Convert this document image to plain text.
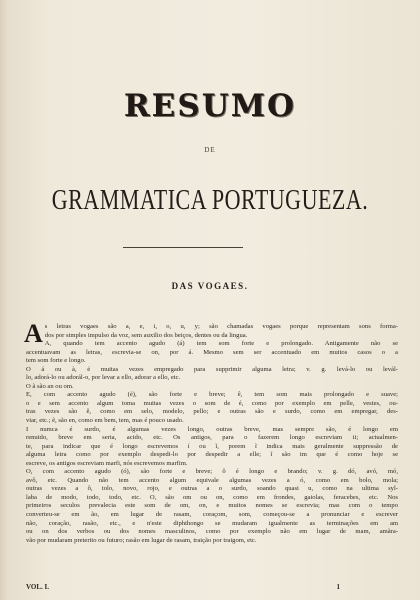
RESUMO
DE
GRAMMATICA PORTUGUEZA.
DAS VOGAES.
A s letras vogaes são a, e, i, o, u, y; são chamadas vogaes porque representam sons forma-
dos por simples impulso da voz, sem auxilio dos beiços, dentes ou da lingua.
A, quando tem accento agudo (á) tem som forte e prolongado. Antigamente não se
accentuavam as letras, escrevia-se on, por á. Mesmo sem ser accentuado em muitos casos o a
tem som forte e longo.
O á ou à, é muitas vezes empregado para supprimir alguma letra; v. g. levá-lo ou levál-
lo, adorá-lo ou adorál-o, por levar a ello, adorar a ello, etc.
O ã são an ou om.
E, com accento agudo (é), são forte e breve; ê, tem som mais prolongado e suave;
o e sem accento algum toma muitas vezes o som de é, como por exemplo em pelle, vestes, ou-
tras vezes são ê, como em selo, modelo, pello; e outras são e surdo, como em empregar, des-
viar, etc.; ẽ, são en, como em bem, tem, mas é pouco usado.
I numca é surdo, é algumas vezes longo, outras breve, mas sempre são, é longo em
renuido, breve em seria, acido, etc. Os antigos, para o fazerem longo escreviam ii; actualmen-
te, para indicar que é longo escrevemos í ou ĩ, porem ĩ indica mais geralmente suppressão de
alguma letra como por exemplo despedi-lo por despedir a elle; ĩ são im que é como hoje se
escreve, os antigos escreviam marfi, nós escrevemos marfim.
O, com accento agudo (ó), são forte e breve; ô é longo e brando; v. g. dó, avó, mó,
avô, etc. Quando não tem accento algum equivale algumas vezes a ó, como em bolo, mola;
outras vezes a ô, tolo, novo, rojo, e outras a o surdo, soando quasi u, como na ultima syl-
laba de modo, todo, todo, etc. O, são om ou on, como em frondes, gaiolas, feracebes, etc. Nos
primeiros seculos prevalecia este som de om, on, e muitos nomes se escrevia; mas com o tempo
converteu-se em ão, em lugar de rasam, coraçom, som, começou-se a pronunciar e escrever
não, coração, rasão, etc., e n'este diphthongo se mudaram igualmente as terminações em am
ou on dos verbos ou dos nomes masculinos, como por exemplo não em lugar de mam, amãra-
vão por mudaram preterito ou futuro; rasão em lugar de rasam, traição por traigom, etc.
VOL. I.	1
